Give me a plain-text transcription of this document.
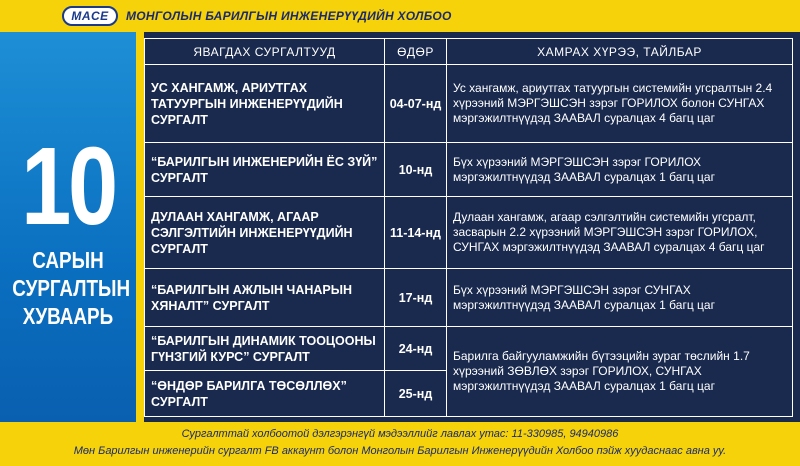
MACE МОНГОЛЫН БАРИЛГЫН ИНЖЕНЕРҮҮДИЙН ХОЛБОО
10
САРЫН
СУРГАЛТЫН
ХУВААРЬ
ЯВАГДАХ СУРГАЛТУУД	ӨДӨР	ХАМРАХ ХҮРЭЭ, ТАЙЛБАР
УС ХАНГАМЖ, АРИУТГАХ ТАТУУРГЫН ИНЖЕНЕРҮҮДИЙН СУРГАЛТ	04-07-нд	Ус хангамж, ариутгах татуургын системийн угсралтын 2.4 хүрээний МЭРГЭШСЭН зэрэг ГОРИЛОХ болон СУНГАХ мэргэжилтнүүдэд ЗААВАЛ суралцах 4 багц цаг
“БАРИЛГЫН ИНЖЕНЕРИЙН ЁС ЗҮЙ” СУРГАЛТ	10-нд	Бүх хүрээний МЭРГЭШСЭН зэрэг ГОРИЛОХ мэргэжилтнүүдэд ЗААВАЛ суралцах 1 багц цаг
ДУЛААН ХАНГАМЖ, АГААР СЭЛГЭЛТИЙН ИНЖЕНЕРҮҮДИЙН СУРГАЛТ	11-14-нд	Дулаан хангамж, агаар сэлгэлтийн системийн угсралт, засварын 2.2 хүрээний МЭРГЭШСЭН зэрэг ГОРИЛОХ, СУНГАХ мэргэжилтнүүдэд ЗААВАЛ суралцах 4 багц цаг
“БАРИЛГЫН АЖЛЫН ЧАНАРЫН ХЯНАЛТ” СУРГАЛТ	17-нд	Бүх хүрээний МЭРГЭШСЭН зэрэг СУНГАХ мэргэжилтнүүдэд ЗААВАЛ суралцах 1 багц цаг
“БАРИЛГЫН ДИНАМИК ТООЦООНЫ ГҮНЗГИЙ КУРС” СУРГАЛТ	24-нд	Барилга байгууламжийн бүтээцийн зураг төслийн 1.7 хүрээний ЗӨВЛӨХ зэрэг ГОРИЛОХ, СУНГАХ мэргэжилтнүүдэд ЗААВАЛ суралцах 1 багц цаг
“ӨНДӨР БАРИЛГА ТӨСӨЛЛӨХ” СУРГАЛТ	25-нд	
Сургалттай холбоотой дэлгэрэнгүй мэдээллийг лавлах утас: 11-330985, 94940986
Мөн Барилгын инженерийн сургалт FB аккаунт болон Монголын Барилгын Инженерүүдийн Холбоо пэйж хуудаснаас авна уу.
